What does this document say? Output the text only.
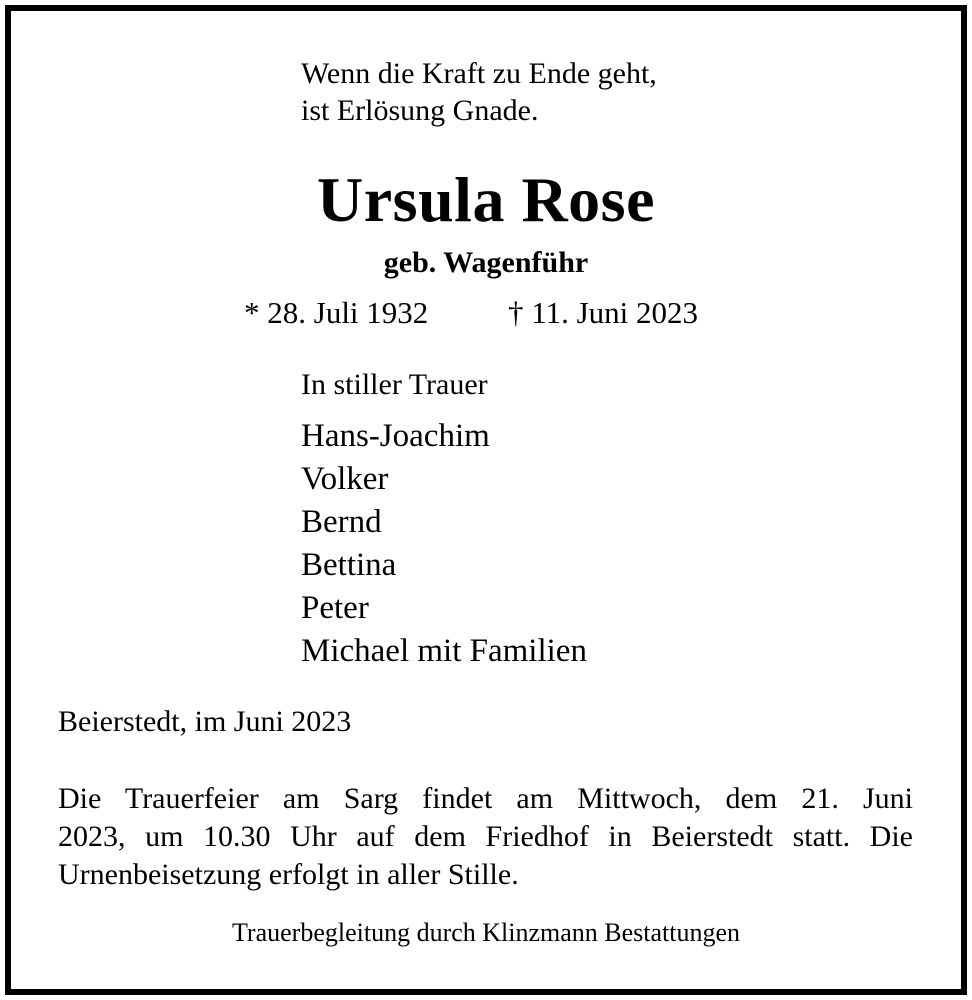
Wenn die Kraft zu Ende geht,
ist Erlösung Gnade.
Ursula Rose
geb. Wagenführ
* 28. Juli 1932	† 11. Juni 2023
In stiller Trauer
Hans-Joachim
Volker
Bernd
Bettina
Peter
Michael mit Familien
Beierstedt, im Juni 2023
Die Trauerfeier am Sarg findet am Mittwoch, dem 21. Juni
2023, um 10.30 Uhr auf dem Friedhof in Beierstedt statt. Die
Urnenbeisetzung erfolgt in aller Stille.
Trauerbegleitung durch Klinzmann Bestattungen
